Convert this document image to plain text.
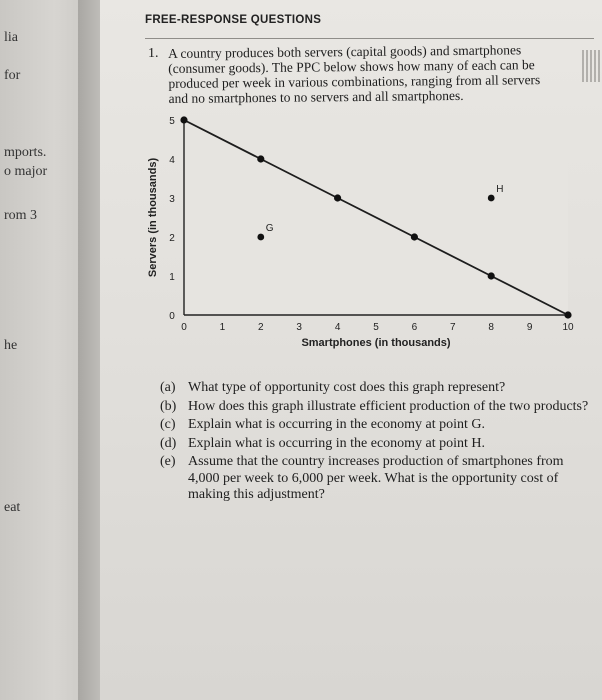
lia
for
mports.
o major
rom 3
he
eat
FREE-RESPONSE QUESTIONS
1. A country produces both servers (capital goods) and smartphones
(consumer goods). The PPC below shows how many of each can be
produced per week in various combinations, ranging from all servers
and no smartphones to no servers and all smartphones.
0
1
2
3
4
5
0	1	2	3	4	5	6	7	8	9	10
Smartphones (in thousands)
Servers (in thousands)	G
H
(a) What type of opportunity cost does this graph represent?
(b) How does this graph illustrate efficient production of the two products?
(c) Explain what is occurring in the economy at point G.
(d) Explain what is occurring in the economy at point H.
(e) Assume that the country increases production of smartphones from 4,000 per week to 6,000 per week. What is the opportunity cost of making this adjustment?
